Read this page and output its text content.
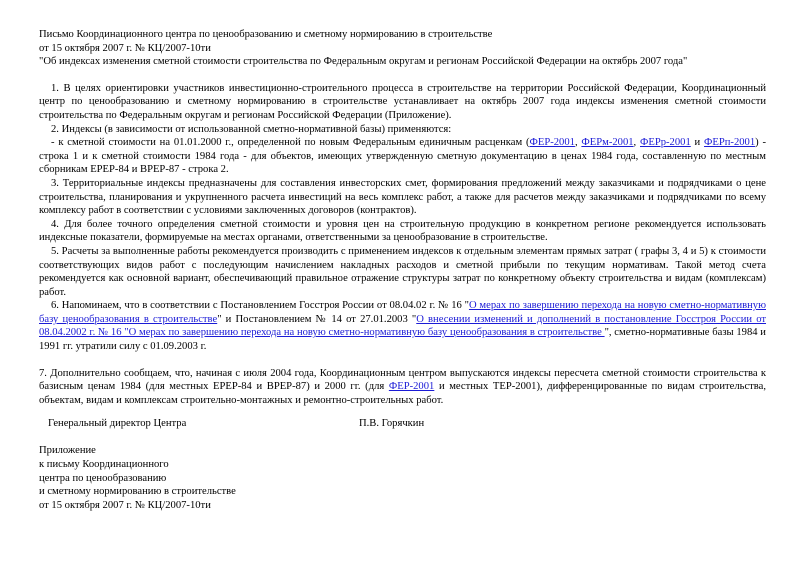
Письмо Координационного центра по ценообразованию и сметному нормированию в строительстве
от 15 октября 2007 г. № КЦ/2007-10ти
"Об индексах изменения сметной стоимости строительства по Федеральным округам и регионам Российской Федерации на октябрь 2007 года"

1. В целях ориентировки участников инвестиционно-строительного процесса в строительстве на территории Российской Федерации, Координационный центр по ценообразованию и сметному нормированию в строительстве устанавливает на октябрь 2007 года индексы изменения сметной стоимости строительства по Федеральным округам и регионам Российской Федерации (Приложение).

2. Индексы (в зависимости от использованной сметно-нормативной базы) применяются:

- к сметной стоимости на 01.01.2000 г., определенной по новым Федеральным единичным расценкам (ФЕР-2001, ФЕРм-2001, ФЕРр-2001 и ФЕРп-2001) - строка 1 и к сметной стоимости 1984 года - для объектов, имеющих утвержденную сметную документацию в ценах 1984 года, составленную по местным сборникам ЕРЕР-84 и ВРЕР-87 - строка 2.

3. Территориальные индексы предназначены для составления инвесторских смет, формирования предложений между заказчиками и подрядчиками о цене строительства, планирования и укрупненного расчета инвестиций на весь комплекс работ, а также для расчетов между заказчиками и подрядчиками по всему комплексу работ в соответствии с условиями заключенных договоров (контрактов).

4. Для более точного определения сметной стоимости и уровня цен на строительную продукцию в конкретном регионе рекомендуется использовать индексные показатели, формируемые на местах органами, ответственными за ценообразование в строительстве.

5. Расчеты за выполненные работы рекомендуется производить с применением индексов к отдельным элементам прямых затрат ( графы 3, 4 и 5) к стоимости соответствующих видов работ с последующим начислением накладных расходов и сметной прибыли по текущим нормативам. Такой метод счета рекомендуется как основной вариант, обеспечивающий правильное отражение структуры затрат по конкретному объекту строительства и видам (комплексам) работ.

6. Напоминаем, что в соответствии с Постановлением Госстроя России от 08.04.02 г. № 16 "О мерах по завершению перехода на новую сметно-нормативную базу ценообразования в строительстве" и Постановлением № 14 от 27.01.2003 "О внесении изменений и дополнений в постановление Госстроя России от 08.04.2002 г. № 16 "О мерах по завершению перехода на новую сметно-нормативную базу ценообразования в строительстве ", сметно-нормативные базы 1984 и 1991 гг. утратили силу с 01.09.2003 г.

7. Дополнительно сообщаем, что, начиная с июля 2004 года, Координационным центром выпускаются индексы пересчета сметной стоимости строительства к базисным ценам 1984 (для местных ЕРЕР-84 и ВРЕР-87) и 2000 гг. (для ФЕР-2001 и местных ТЕР-2001), дифференцированные по видам строительства, объектам, видам и комплексам строительно-монтажных и ремонтно-строительных работ.

Генеральный директор Центра	П.В. Горячкин
Приложение
к письму Координационного
центра по ценообразованию
и сметному нормированию в строительстве
от 15 октября 2007 г. № КЦ/2007-10ти
